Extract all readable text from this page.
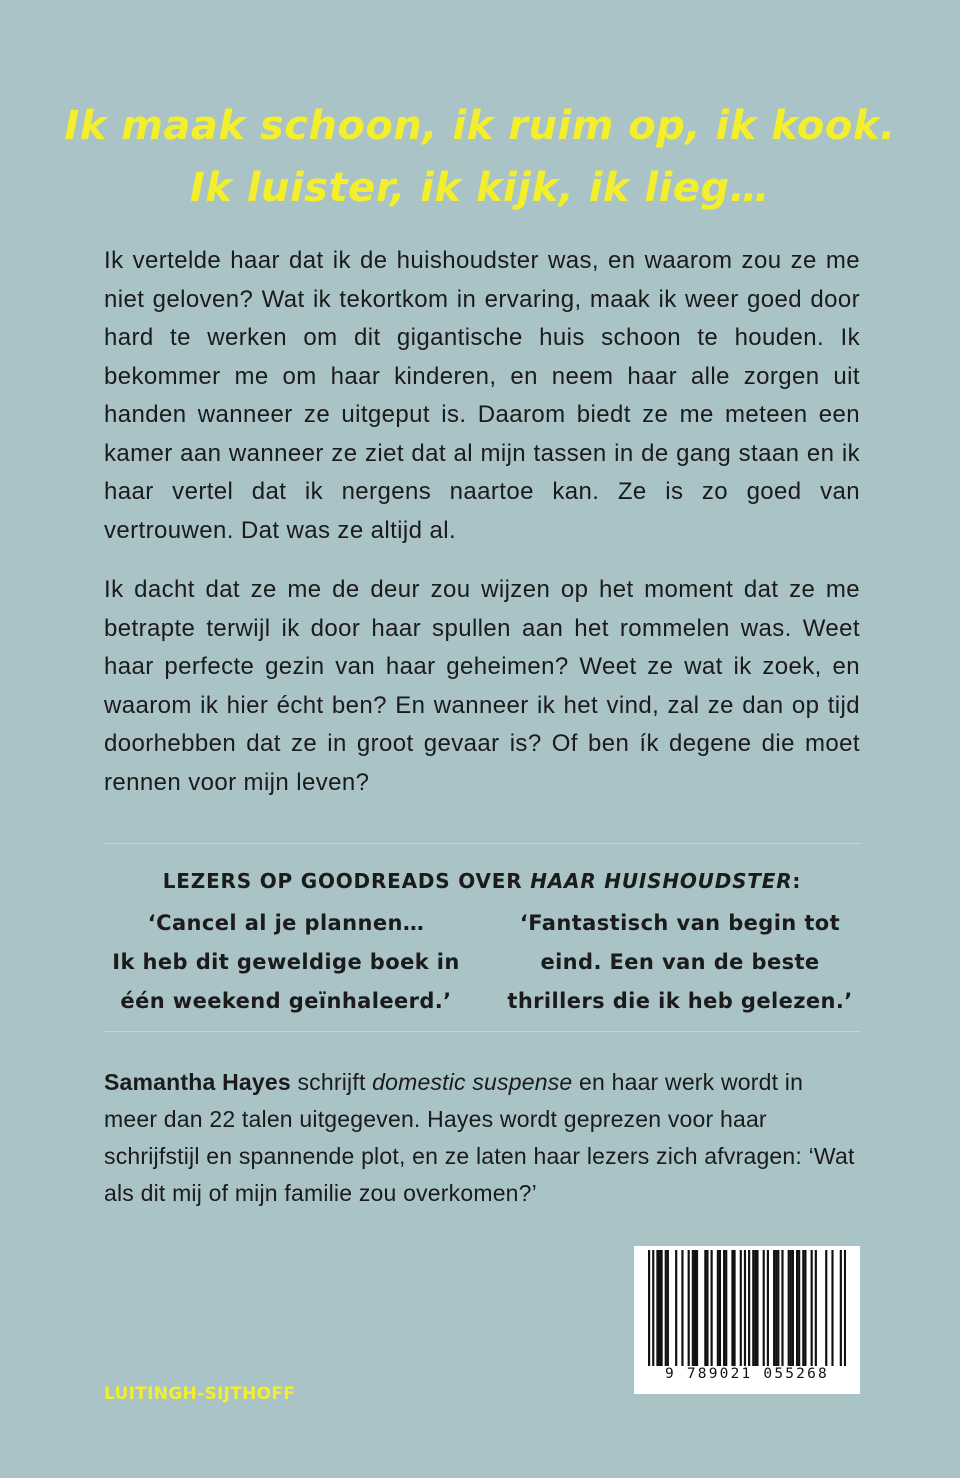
Ik maak schoon, ik ruim op, ik kook.
Ik luister, ik kijk, ik lieg…

Ik vertelde haar dat ik de huishoudster was, en waarom zou ze me niet geloven? Wat ik tekortkom in ervaring, maak ik weer goed door hard te werken om dit gigantische huis schoon te houden. Ik bekommer me om haar kinderen, en neem haar alle zorgen uit handen wanneer ze uitgeput is. Daarom biedt ze me meteen een kamer aan wanneer ze ziet dat al mijn tassen in de gang staan en ik haar vertel dat ik nergens naartoe kan. Ze is zo goed van vertrouwen. Dat was ze altijd al.

Ik dacht dat ze me de deur zou wijzen op het moment dat ze me betrapte terwijl ik door haar spullen aan het rommelen was. Weet haar perfecte gezin van haar geheimen? Weet ze wat ik zoek, en waarom ik hier écht ben? En wanneer ik het vind, zal ze dan op tijd doorhebben dat ze in groot gevaar is? Of ben ík degene die moet rennen voor mijn leven?

LEZERS OP GOODREADS OVER HAAR HUISHOUDSTER:
‘Cancel al je plannen…
Ik heb dit geweldige boek in
één weekend geïnhaleerd.’
‘Fantastisch van begin tot
eind. Een van de beste
thrillers die ik heb gelezen.’
Samantha Hayes schrijft domestic suspense en haar werk wordt in meer dan 22 talen uitgegeven. Hayes wordt geprezen voor haar schrijfstijl en spannende plot, en ze laten haar lezers zich afvragen: ‘Wat als dit mij of mijn familie zou overkomen?’
9 789021 055268
LUITINGH-SIJTHOFF
